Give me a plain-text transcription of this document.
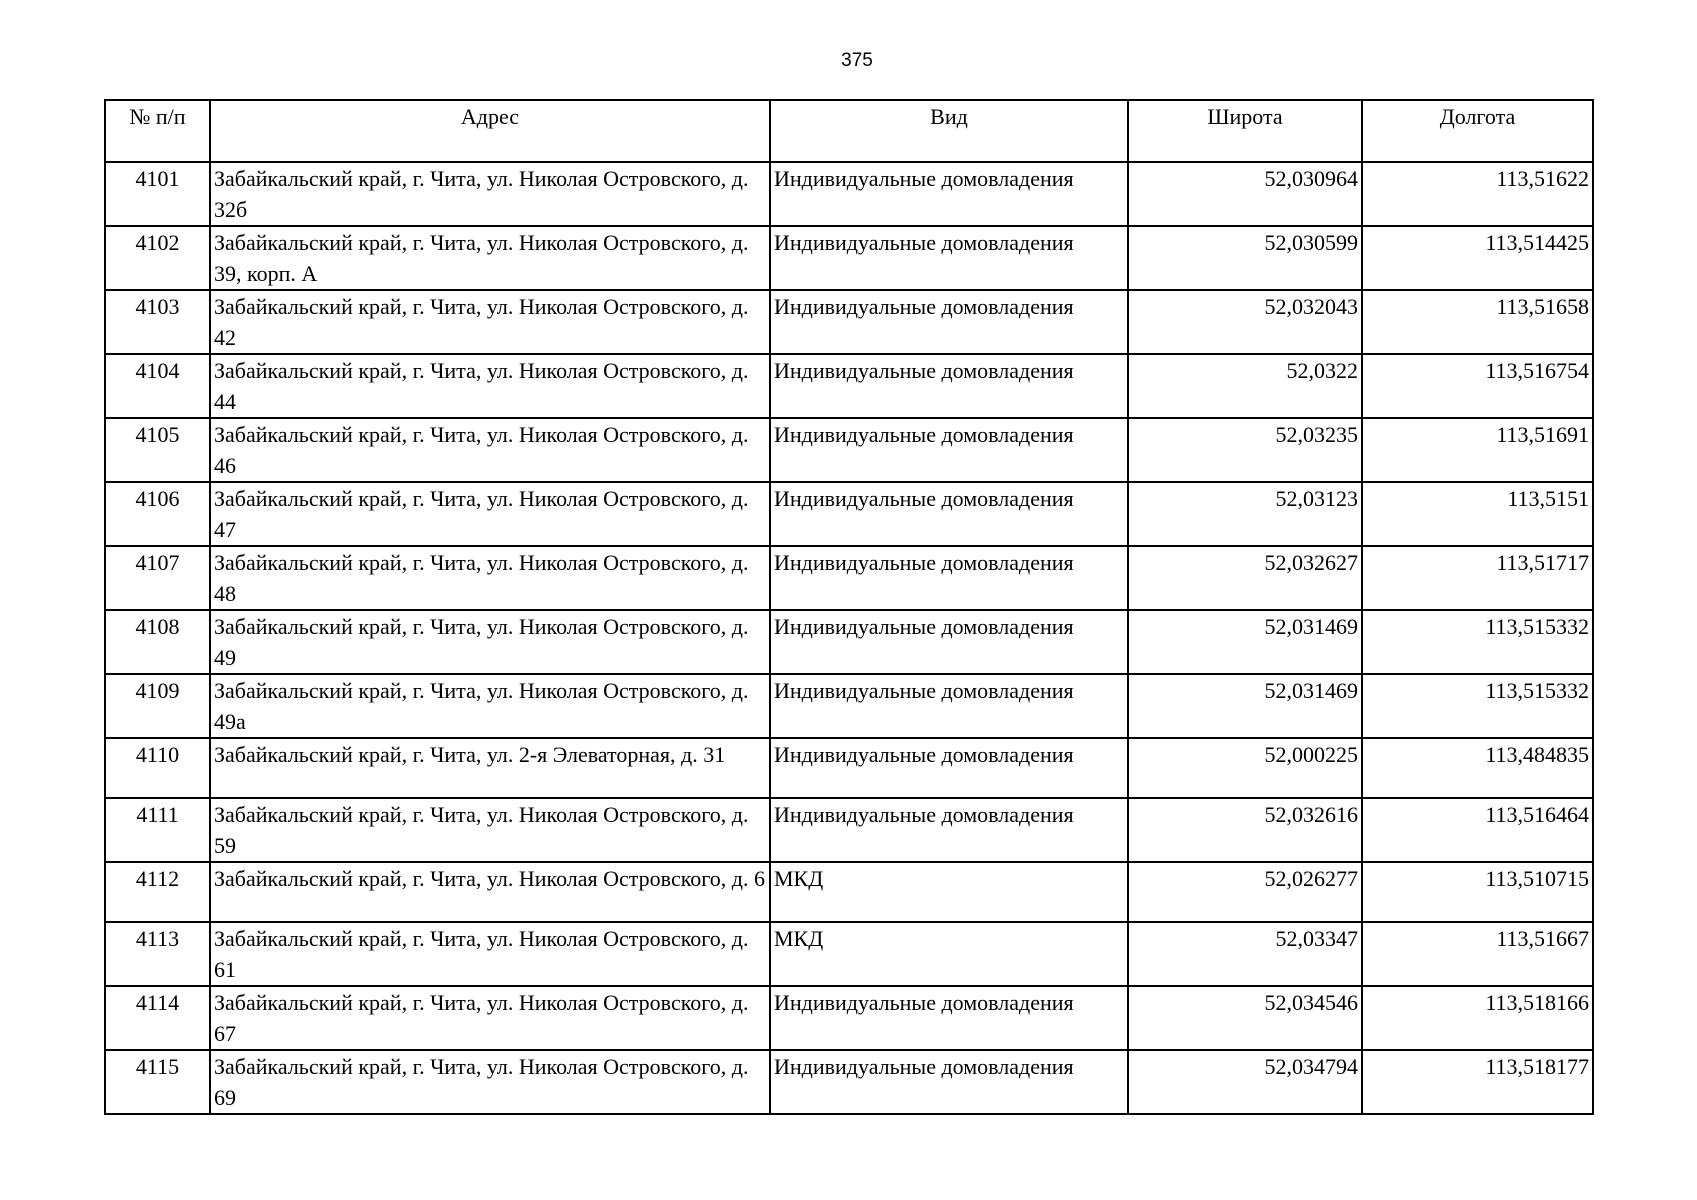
375
№ п/п	Адрес	Вид	Широта	Долгота
4101	Забайкальский край, г. Чита, ул. Николая Островского, д. 32б	Индивидуальные домовладения	52,030964	113,51622
4102	Забайкальский край, г. Чита, ул. Николая Островского, д. 39, корп. А	Индивидуальные домовладения	52,030599	113,514425
4103	Забайкальский край, г. Чита, ул. Николая Островского, д. 42	Индивидуальные домовладения	52,032043	113,51658
4104	Забайкальский край, г. Чита, ул. Николая Островского, д. 44	Индивидуальные домовладения	52,0322	113,516754
4105	Забайкальский край, г. Чита, ул. Николая Островского, д. 46	Индивидуальные домовладения	52,03235	113,51691
4106	Забайкальский край, г. Чита, ул. Николая Островского, д. 47	Индивидуальные домовладения	52,03123	113,5151
4107	Забайкальский край, г. Чита, ул. Николая Островского, д. 48	Индивидуальные домовладения	52,032627	113,51717
4108	Забайкальский край, г. Чита, ул. Николая Островского, д. 49	Индивидуальные домовладения	52,031469	113,515332
4109	Забайкальский край, г. Чита, ул. Николая Островского, д. 49а	Индивидуальные домовладения	52,031469	113,515332
4110	Забайкальский край, г. Чита, ул. 2-я Элеваторная, д. 31	Индивидуальные домовладения	52,000225	113,484835
4111	Забайкальский край, г. Чита, ул. Николая Островского, д. 59	Индивидуальные домовладения	52,032616	113,516464
4112	Забайкальский край, г. Чита, ул. Николая Островского, д. 6	МКД	52,026277	113,510715
4113	Забайкальский край, г. Чита, ул. Николая Островского, д. 61	МКД	52,03347	113,51667
4114	Забайкальский край, г. Чита, ул. Николая Островского, д. 67	Индивидуальные домовладения	52,034546	113,518166
4115	Забайкальский край, г. Чита, ул. Николая Островского, д. 69	Индивидуальные домовладения	52,034794	113,518177
